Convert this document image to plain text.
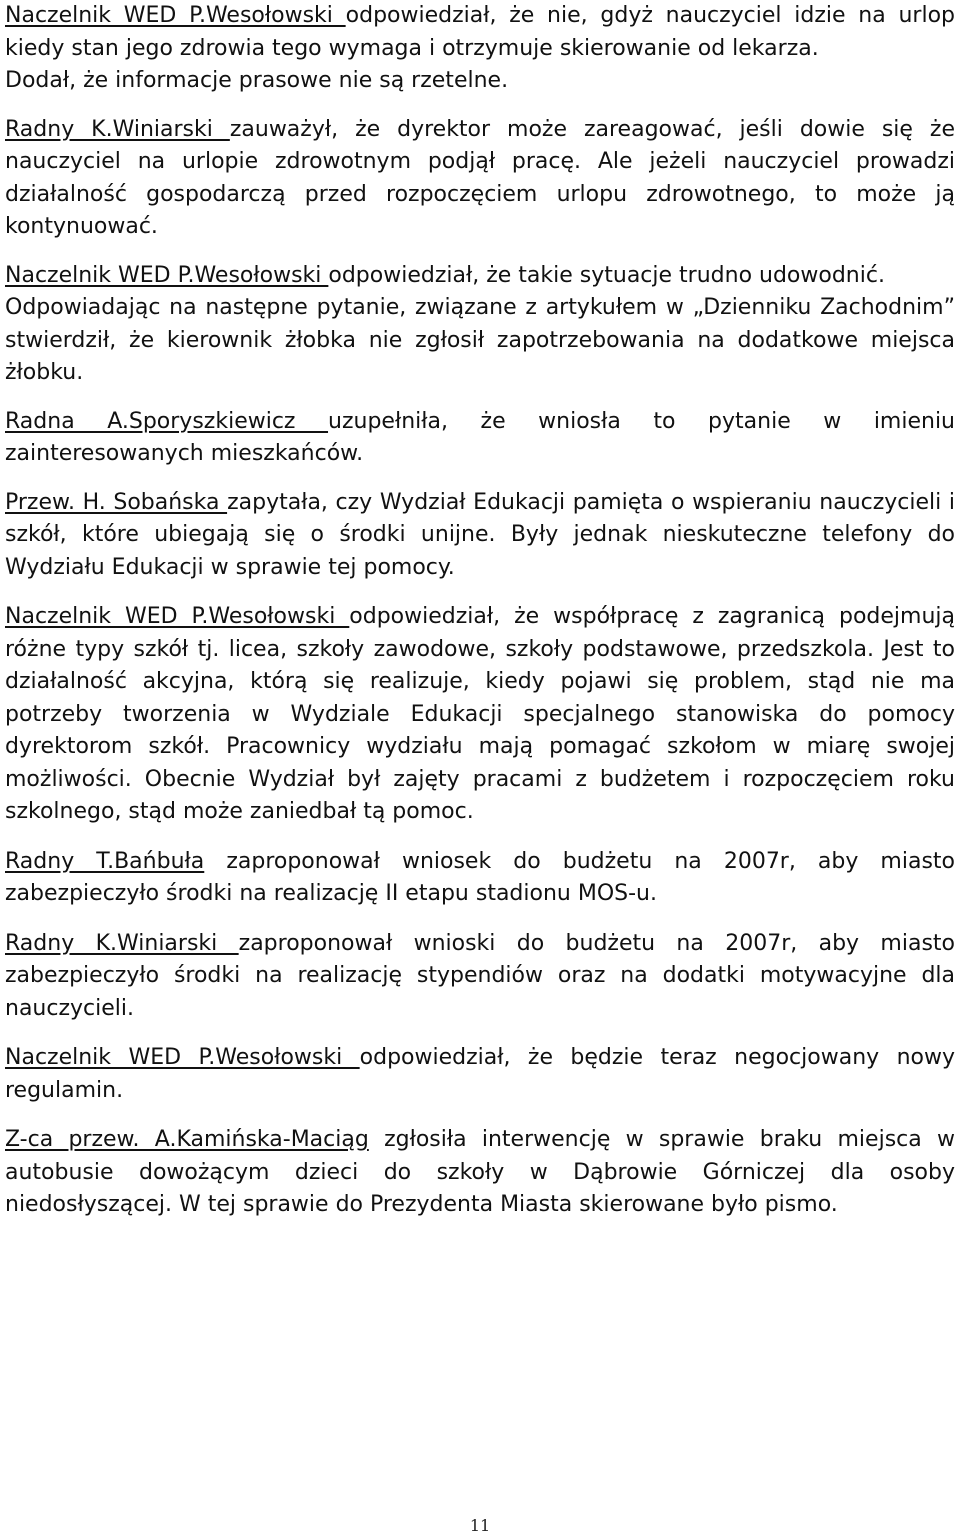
Naczelnik WED P.Wesołowski odpowiedział, że nie, gdyż nauczyciel idzie na urlop kiedy stan jego zdrowia tego wymaga i otrzymuje skierowanie od lekarza.

Dodał, że informacje prasowe nie są rzetelne.

Radny K.Winiarski zauważył, że dyrektor może zareagować, jeśli dowie się że nauczyciel na urlopie zdrowotnym podjął pracę. Ale jeżeli nauczyciel prowadzi działalność gospodarczą przed rozpoczęciem urlopu zdrowotnego, to może ją kontynuować.

Naczelnik WED P.Wesołowski odpowiedział, że takie sytuacje trudno udowodnić.

Odpowiadając na następne pytanie, związane z artykułem w „Dzienniku Zachodnim” stwierdził, że kierownik żłobka nie zgłosił zapotrzebowania na dodatkowe miejsca żłobku.

Radna A.Sporyszkiewicz uzupełniła, że wniosła to pytanie w imieniu zainteresowanych mieszkańców.

Przew. H. Sobańska zapytała, czy Wydział Edukacji pamięta o wspieraniu nauczycieli i szkół, które ubiegają się o środki unijne. Były jednak nieskuteczne telefony do Wydziału Edukacji w sprawie tej pomocy.

Naczelnik WED P.Wesołowski odpowiedział, że współpracę z zagranicą podejmują różne typy szkół tj. licea, szkoły zawodowe, szkoły podstawowe, przedszkola. Jest to działalność akcyjna, którą się realizuje, kiedy pojawi się problem, stąd nie ma potrzeby tworzenia w Wydziale Edukacji specjalnego stanowiska do pomocy dyrektorom szkół. Pracownicy wydziału mają pomagać szkołom w miarę swojej możliwości. Obecnie Wydział był zajęty pracami z budżetem i rozpoczęciem roku szkolnego, stąd może zaniedbał tą pomoc.

Radny T.Bańbuła zaproponował wniosek do budżetu na 2007r, aby miasto zabezpieczyło środki na realizację II etapu stadionu MOS-u.

Radny K.Winiarski zaproponował wnioski do budżetu na 2007r, aby miasto zabezpieczyło środki na realizację stypendiów oraz na dodatki motywacyjne dla nauczycieli.

Naczelnik WED P.Wesołowski odpowiedział, że będzie teraz negocjowany nowy regulamin.

Z-ca przew. A.Kamińska-Maciąg zgłosiła interwencję w sprawie braku miejsca w autobusie dowożącym dzieci do szkoły w Dąbrowie Górniczej dla osoby niedosłyszącej. W tej sprawie do Prezydenta Miasta skierowane było pismo.

11
